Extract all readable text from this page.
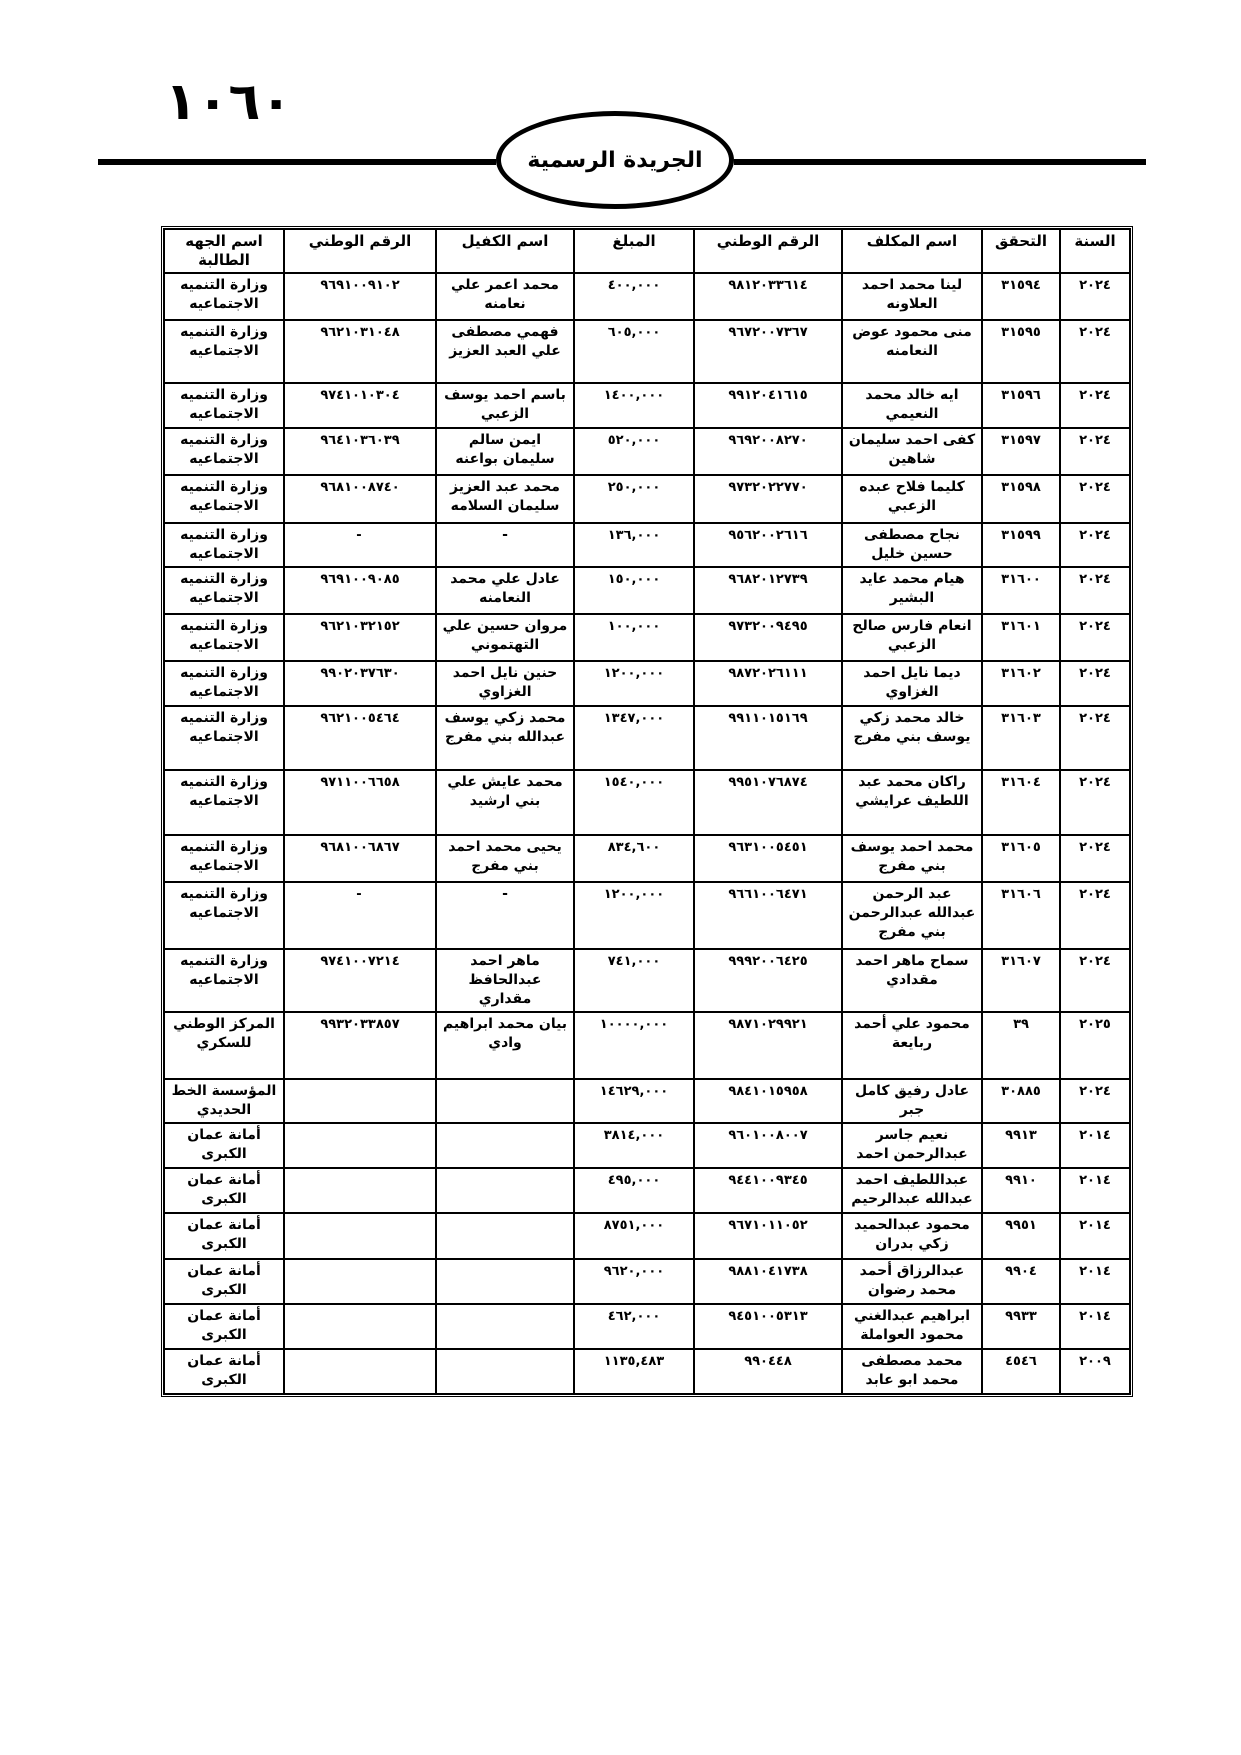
١٠٦٠
الجريدة الرسمية
السنة	التحقق	اسم المكلف	الرقم الوطني	المبلغ	اسم الكفيل	الرقم الوطني	اسم الجهه الطالبة
٢٠٢٤	٣١٥٩٤	لينا محمد احمد العلاونه	٩٨١٢٠٣٣٦١٤	٤٠٠,٠٠٠	محمد اعمر علي نعامنه	٩٦٩١٠٠٩١٠٢	وزارة التنميه الاجتماعيه
٢٠٢٤	٣١٥٩٥	منى محمود عوض النعامنه	٩٦٧٢٠٠٧٣٦٧	٦٠٥,٠٠٠	فهمي مصطفى علي العبد العزيز	٩٦٢١٠٣١٠٤٨	وزارة التنميه الاجتماعيه
٢٠٢٤	٣١٥٩٦	ايه خالد محمد النعيمي	٩٩١٢٠٤١٦١٥	١٤٠٠,٠٠٠	باسم احمد يوسف الزعبي	٩٧٤١٠١٠٣٠٤	وزارة التنميه الاجتماعيه
٢٠٢٤	٣١٥٩٧	كفى احمد سليمان شاهين	٩٦٩٢٠٠٨٢٧٠	٥٢٠,٠٠٠	ايمن سالم سليمان بواعنه	٩٦٤١٠٣٦٠٣٩	وزارة التنميه الاجتماعيه
٢٠٢٤	٣١٥٩٨	كليما فلاح عبده الزعبي	٩٧٣٢٠٢٢٧٧٠	٢٥٠,٠٠٠	محمد عبد العزيز سليمان السلامه	٩٦٨١٠٠٨٧٤٠	وزارة التنميه الاجتماعيه
٢٠٢٤	٣١٥٩٩	نجاح مصطفى حسين خليل	٩٥٦٢٠٠٢٦١٦	١٣٦,٠٠٠	-	-	وزارة التنميه الاجتماعيه
٢٠٢٤	٣١٦٠٠	هيام محمد عايد البشير	٩٦٨٢٠١٢٧٣٩	١٥٠,٠٠٠	عادل علي محمد النعامنه	٩٦٩١٠٠٩٠٨٥	وزارة التنميه الاجتماعيه
٢٠٢٤	٣١٦٠١	انعام فارس صالح الزعبي	٩٧٣٢٠٠٩٤٩٥	١٠٠,٠٠٠	مروان حسين علي التهتموني	٩٦٢١٠٣٢١٥٢	وزارة التنميه الاجتماعيه
٢٠٢٤	٣١٦٠٢	ديما نايل احمد الغزاوي	٩٨٧٢٠٢٦١١١	١٢٠٠,٠٠٠	حنين نايل احمد الغزاوي	٩٩٠٢٠٣٧٦٣٠	وزارة التنميه الاجتماعيه
٢٠٢٤	٣١٦٠٣	خالد محمد زكي يوسف بني مفرج	٩٩١١٠١٥١٦٩	١٣٤٧,٠٠٠	محمد زكي يوسف عبدالله بني مفرج	٩٦٢١٠٠٥٤٦٤	وزارة التنميه الاجتماعيه
٢٠٢٤	٣١٦٠٤	راكان محمد عبد اللطيف عرايشي	٩٩٥١٠٧٦٨٧٤	١٥٤٠,٠٠٠	محمد عايش علي بني ارشيد	٩٧١١٠٠٦٦٥٨	وزارة التنميه الاجتماعيه
٢٠٢٤	٣١٦٠٥	محمد احمد يوسف بني مفرج	٩٦٣١٠٠٥٤٥١	٨٣٤,٦٠٠	يحيى محمد احمد بني مفرج	٩٦٨١٠٠٦٨٦٧	وزارة التنميه الاجتماعيه
٢٠٢٤	٣١٦٠٦	عبد الرحمن عبدالله عبدالرحمن بني مفرج	٩٦٦١٠٠٦٤٧١	١٢٠٠,٠٠٠	-	-	وزارة التنميه الاجتماعيه
٢٠٢٤	٣١٦٠٧	سماح ماهر احمد مقدادي	٩٩٩٢٠٠٦٤٢٥	٧٤١,٠٠٠	ماهر احمد عبدالحافظ مقداري	٩٧٤١٠٠٧٢١٤	وزارة التنميه الاجتماعيه
٢٠٢٥	٣٩	محمود علي أحمد ربايعة	٩٨٧١٠٢٩٩٢١	١٠٠٠٠,٠٠٠	بيان محمد ابراهيم وادي	٩٩٣٢٠٣٣٨٥٧	المركز الوطني للسكري
٢٠٢٤	٣٠٨٨٥	عادل رفيق كامل جبر	٩٨٤١٠١٥٩٥٨	١٤٦٢٩,٠٠٠			المؤسسة الخط الحديدي
٢٠١٤	٩٩١٣	نعيم جاسر عبدالرحمن احمد	٩٦٠١٠٠٨٠٠٧	٣٨١٤,٠٠٠			أمانة عمان الكبرى
٢٠١٤	٩٩١٠	عبداللطيف احمد عبدالله عبدالرحيم	٩٤٤١٠٠٩٣٤٥	٤٩٥,٠٠٠			أمانة عمان الكبرى
٢٠١٤	٩٩٥١	محمود عبدالحميد زكي بدران	٩٦٧١٠١١٠٥٢	٨٧٥١,٠٠٠			أمانة عمان الكبرى
٢٠١٤	٩٩٠٤	عبدالرزاق أحمد محمد رضوان	٩٨٨١٠٤١٧٣٨	٩٦٢٠,٠٠٠			أمانة عمان الكبرى
٢٠١٤	٩٩٣٣	ابراهيم عبدالغني محمود العواملة	٩٤٥١٠٠٥٣١٣	٤٦٢,٠٠٠			أمانة عمان الكبرى
٢٠٠٩	٤٥٤٦	محمد مصطفى محمد ابو عابد	٩٩٠٤٤٨	١١٣٥,٤٨٣			أمانة عمان الكبرى
